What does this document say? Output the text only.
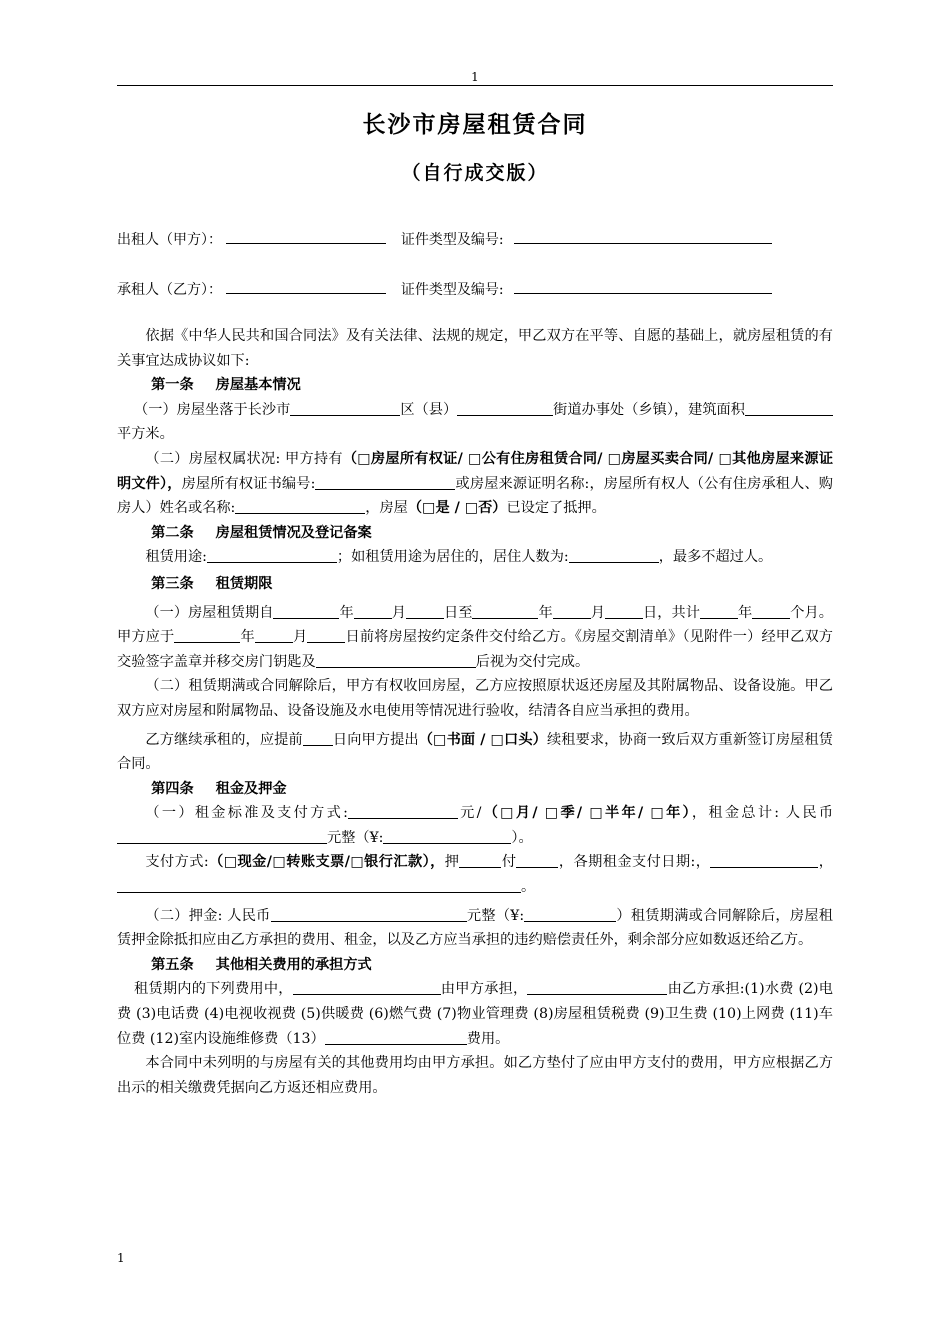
1
长沙市房屋租赁合同
（自行成交版）
出租人（甲方）：	证件类型及编号:
承租人（乙方）：	证件类型及编号:

依据《中华人民共和国合同法》及有关法律、法规的规定，甲乙双方在平等、自愿的基础上，就房屋租赁的有关事宜达成协议如下:

第一条 房屋基本情况

（一）房屋坐落于长沙市	区（县）	街道办事处（乡镇），建筑面积平方米。

（二）房屋权属状况: 甲方持有（□房屋所有权证/ □公有住房租赁合同/ □房屋买卖合同/ □其他房屋来源证明文件），房屋所有权证书编号:	或房屋来源证明名称:，房屋所有权人（公有住房承租人、购房人）姓名或名称:	，房屋（□是 / □否）已设定了抵押。

第二条 房屋租赁情况及登记备案

租赁用途:	；如租赁用途为居住的，居住人数为:	，最多不超过人。

第三条 租赁期限

（一）房屋租赁期自	年	月	日至	年	月	日，共计	年	个月。甲方应于	年	月	日前将房屋按约定条件交付给乙方。《房屋交割清单》（见附件一）经甲乙双方交验签字盖章并移交房门钥匙及	后视为交付完成。

（二）租赁期满或合同解除后，甲方有权收回房屋，乙方应按照原状返还房屋及其附属物品、设备设施。甲乙双方应对房屋和附属物品、设备设施及水电使用等情况进行验收，结清各自应当承担的费用。

乙方继续承租的，应提前 日向甲方提出（□书面 / □口头）续租要求，协商一致后双方重新签订房屋租赁合同。

第四条 租金及押金

（一）租金标准及支付方式:	元/（□月/ □季/ □半年/ □年），租金总计: 人民币元整（¥:	）。

支付方式:（□现金/□转账支票/□银行汇款），押	付	，各期租金支付日期:，	，。

（二）押金: 人民币	元整（¥:	）租赁期满或合同解除后，房屋租赁押金除抵扣应由乙方承担的费用、租金，以及乙方应当承担的违约赔偿责任外，剩余部分应如数返还给乙方。

第五条 其他相关费用的承担方式

租赁期内的下列费用中，	由甲方承担，	由乙方承担:(1)水费 (2)电费 (3)电话费 (4)电视收视费 (5)供暖费 (6)燃气费 (7)物业管理费 (8)房屋租赁税费 (9)卫生费 (10)上网费 (11)车位费 (12)室内设施维修费（13）	费用。

本合同中未列明的与房屋有关的其他费用均由甲方承担。如乙方垫付了应由甲方支付的费用，甲方应根据乙方出示的相关缴费凭据向乙方返还相应费用。

1
